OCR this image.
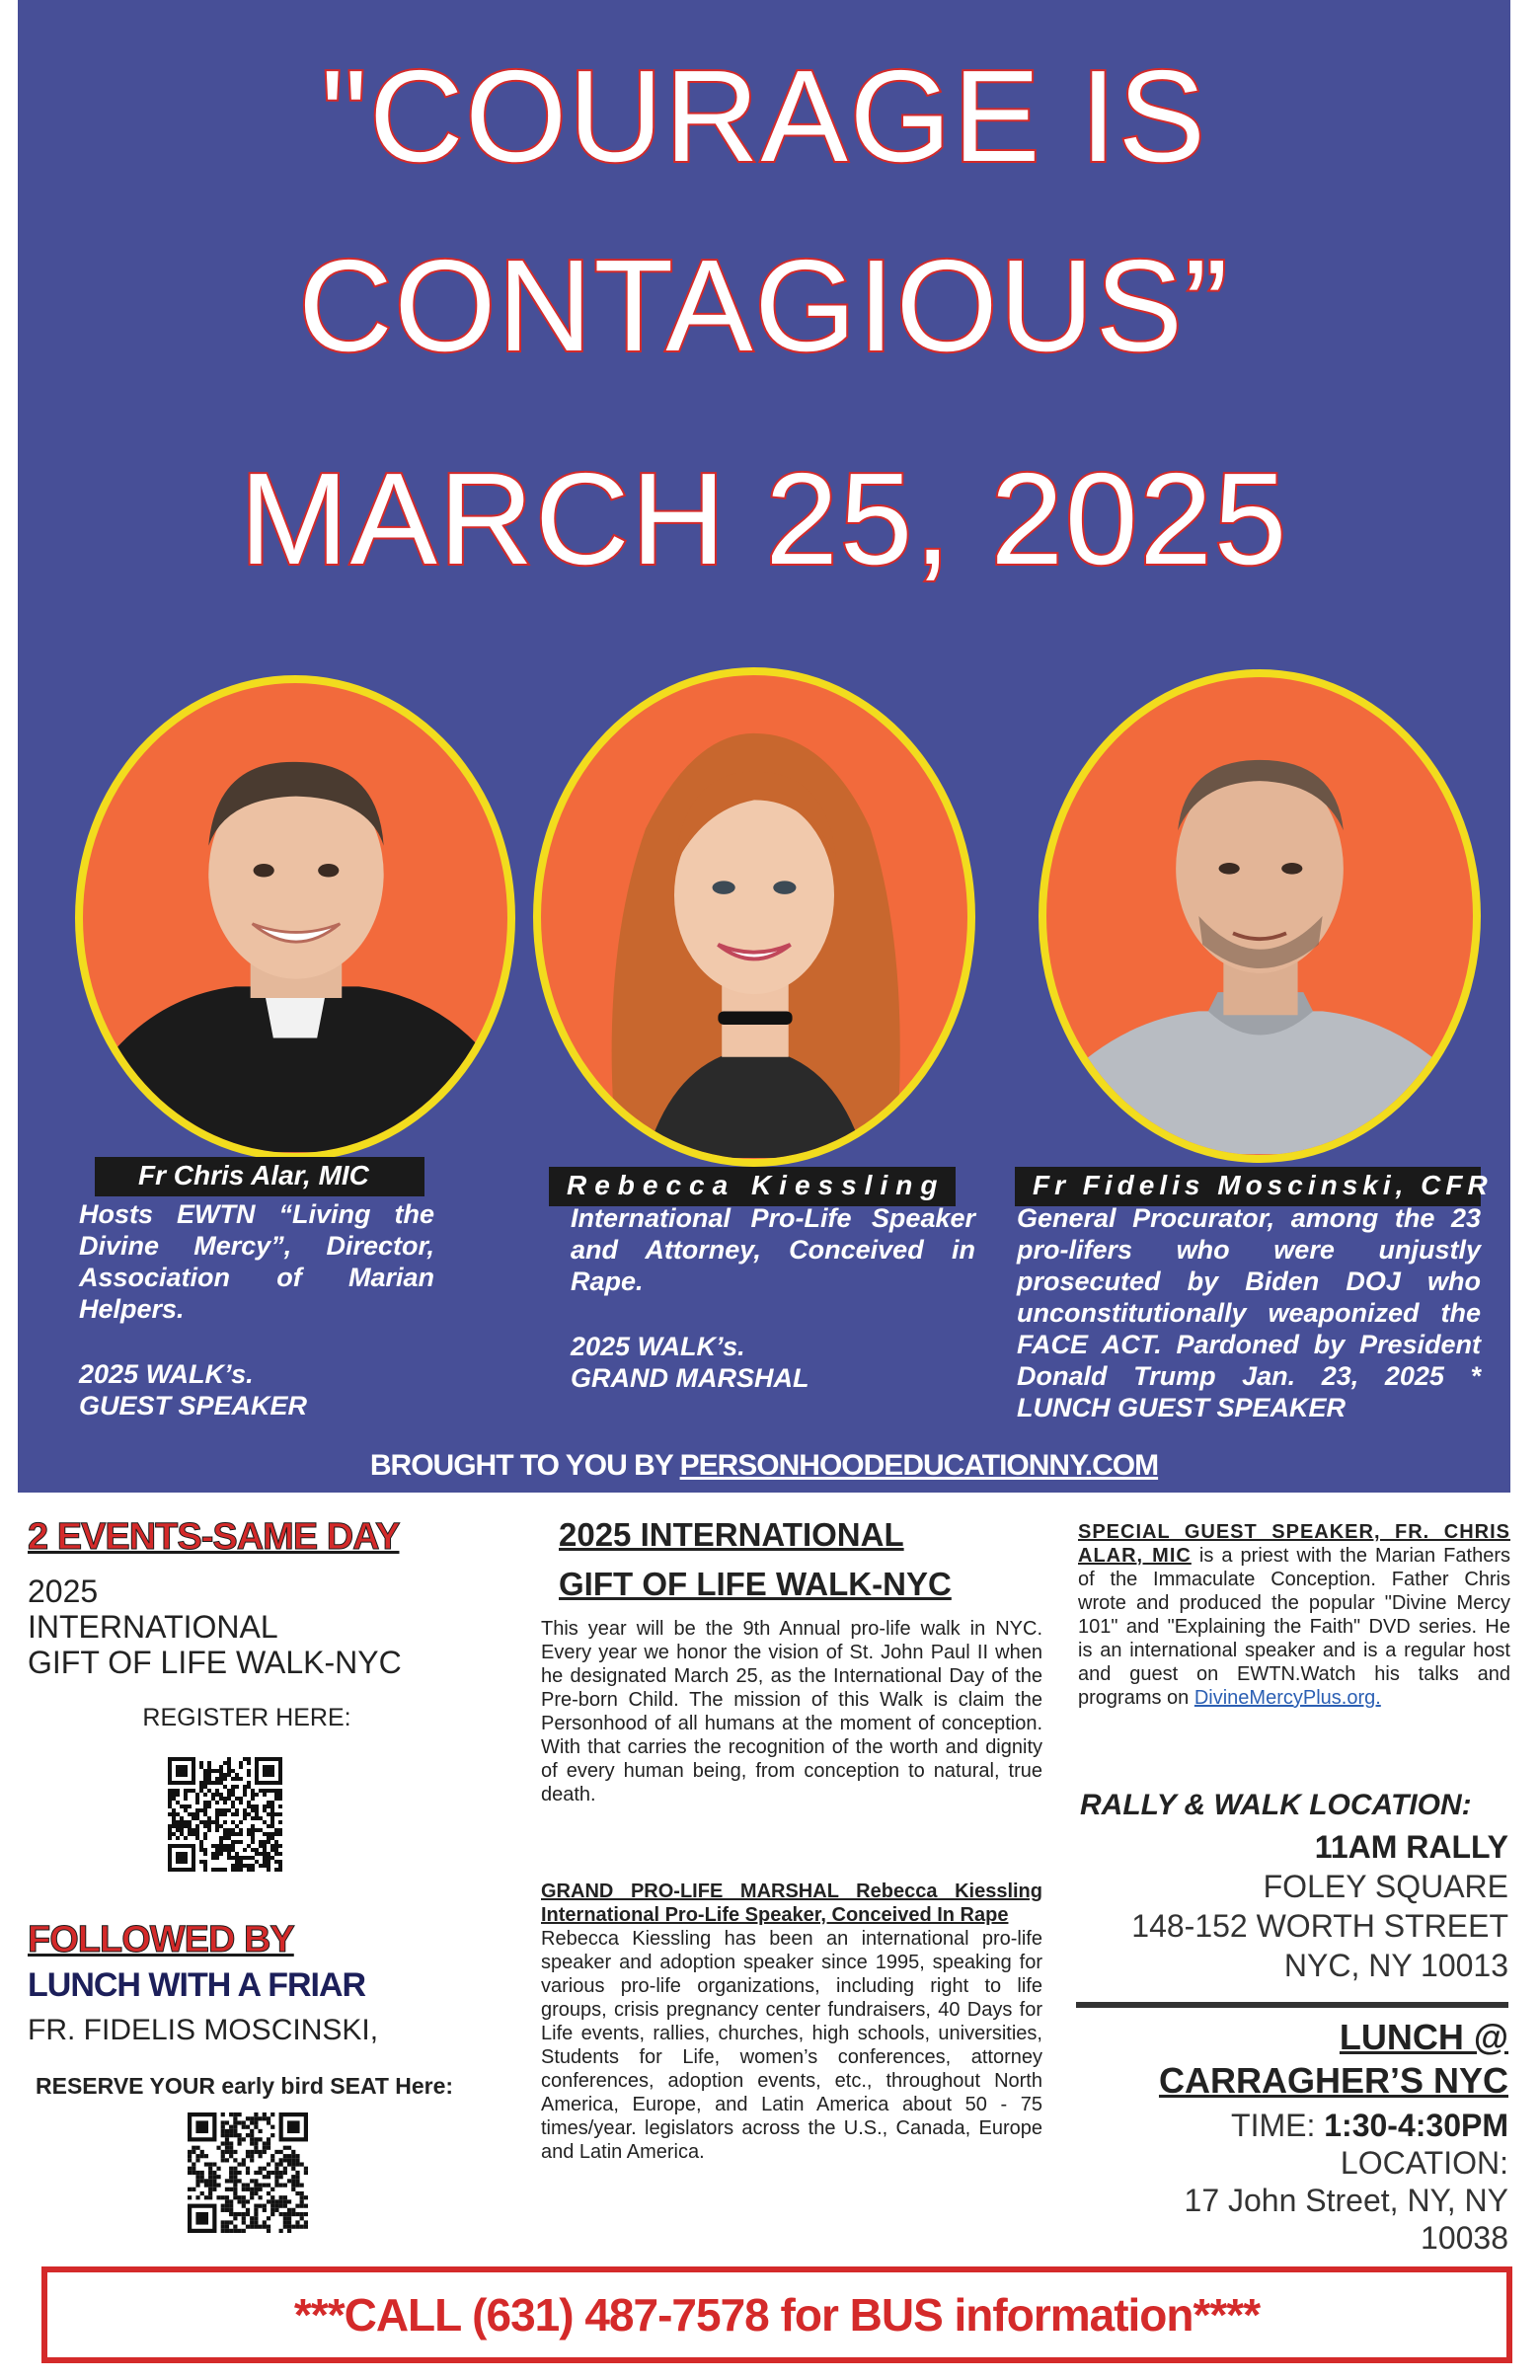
"COURAGE IS
CONTAGIOUS”
MARCH 25, 2025
Fr Chris Alar, MIC	Rebecca Kiessling	Fr Fidelis Moscinski, CFR

Hosts EWTN “Living the Divine Mercy”, Director, Association of Marian Helpers.

2025 WALK’s.

GUEST SPEAKER

International Pro-Life Speaker and Attorney, Conceived in Rape.

2025 WALK’s.

GRAND MARSHAL

General Procurator, among the 23 pro-lifers who were unjustly prosecuted by Biden DOJ who unconstitutionally weaponized the FACE ACT. Pardoned by President Donald Trump Jan. 23, 2025 * LUNCH GUEST SPEAKER

BROUGHT TO YOU BY PERSONHOODEDUCATIONNY.COM
2 EVENTS-SAME DAY
2025
INTERNATIONAL
GIFT OF LIFE WALK-NYC
REGISTER HERE:
FOLLOWED BY
LUNCH WITH A FRIAR
FR. FIDELIS MOSCINSKI,
RESERVE YOUR early bird SEAT Here:
2025 INTERNATIONAL
GIFT OF LIFE WALK-NYC

This year will be the 9th Annual pro-life walk in NYC. Every year we honor the vision of St. John Paul II when he designated March 25, as the International Day of the Pre-born Child. The mission of this Walk is claim the Personhood of all humans at the moment of conception. With that carries the recognition of the worth and dignity of every human being, from conception to natural, true death.

GRAND PRO-LIFE MARSHAL Rebecca Kiessling International Pro-Life Speaker, Conceived In Rape
Rebecca Kiessling has been an international pro-life speaker and adoption speaker since 1995, speaking for various pro-life organizations, including right to life groups, crisis pregnancy center fundraisers, 40 Days for Life events, rallies, churches, high schools, universities, Students for Life, women’s conferences, attorney conferences, adoption events, etc., throughout North America, Europe, and Latin America about 50 - 75 times/year. legislators across the U.S., Canada, Europe and Latin America.

SPECIAL GUEST SPEAKER, FR. CHRIS ALAR, MIC is a priest with the Marian Fathers of the Immaculate Conception. Father Chris wrote and produced the popular "Divine Mercy 101" and "Explaining the Faith" DVD series. He is an international speaker and is a regular host and guest on EWTN.Watch his talks and programs on DivineMercyPlus.org.

RALLY & WALK LOCATION:
11AM RALLY
FOLEY SQUARE
148-152 WORTH STREET
NYC, NY 10013
LUNCH @
CARRAGHER’S NYC
TIME: 1:30-4:30PM
LOCATION:
17 John Street, NY, NY
10038
***CALL (631) 487-7578 for BUS information****
